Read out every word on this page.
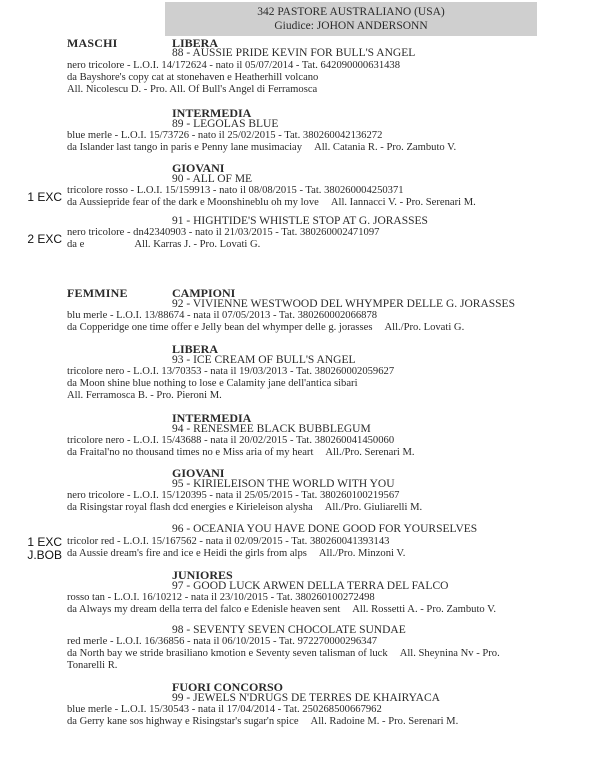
342 PASTORE AUSTRALIANO (USA)
Giudice: JOHON ANDERSONN
MASCHI	LIBERA
88 - AUSSIE PRIDE KEVIN FOR BULL'S ANGEL
nero tricolore - L.O.I. 14/172624 - nato il 05/07/2014 - Tat. 642090000631438
da Bayshore's copy cat at stonehaven e Heatherhill volcano
All. Nicolescu D. - Pro. All. Of Bull's Angel di Ferramosca
INTERMEDIA
89 - LEGOLAS BLUE
blue merle - L.O.I. 15/73726 - nato il 25/02/2015 - Tat. 380260042136272
da Islander last tango in paris e Penny lane musimaciay All. Catania R. - Pro. Zambuto V.
GIOVANI
90 - ALL OF ME
tricolore rosso - L.O.I. 15/159913 - nato il 08/08/2015 - Tat. 380260004250371
da Aussiepride fear of the dark e Moonshineblu oh my love All. Iannacci V. - Pro. Serenari M.
1 EXC
91 - HIGHTIDE'S WHISTLE STOP AT G. JORASSES
nero tricolore - dn42340903 - nato il 21/03/2015 - Tat. 380260002471097
da e	All. Karras J. - Pro. Lovati G.
2 EXC
FEMMINE	CAMPIONI
92 - VIVIENNE WESTWOOD DEL WHYMPER DELLE G. JORASSES
blu merle - L.O.I. 13/88674 - nata il 07/05/2013 - Tat. 380260002066878
da Copperidge one time offer e Jelly bean del whymper delle g. jorasses All./Pro. Lovati G.
LIBERA
93 - ICE CREAM OF BULL'S ANGEL
tricolore nero - L.O.I. 13/70353 - nata il 19/03/2013 - Tat. 380260002059627
da Moon shine blue nothing to lose e Calamity jane dell'antica sibari
All. Ferramosca B. - Pro. Pieroni M.
INTERMEDIA
94 - RENESMEE BLACK BUBBLEGUM
tricolore nero - L.O.I. 15/43688 - nata il 20/02/2015 - Tat. 380260041450060
da Fraital'no no thousand times no e Miss aria of my heart All./Pro. Serenari M.
GIOVANI
95 - KIRIELEISON THE WORLD WITH YOU
nero tricolore - L.O.I. 15/120395 - nata il 25/05/2015 - Tat. 380260100219567
da Risingstar royal flash dcd energies e Kirieleison alysha All./Pro. Giuliarelli M.
96 - OCEANIA YOU HAVE DONE GOOD FOR YOURSELVES
tricolor red - L.O.I. 15/167562 - nata il 02/09/2015 - Tat. 380260041393143
da Aussie dream's fire and ice e Heidi the girls from alps All./Pro. Minzoni V.
1 EXC
J.BOB
JUNIORES
97 - GOOD LUCK ARWEN DELLA TERRA DEL FALCO
rosso tan - L.O.I. 16/10212 - nata il 23/10/2015 - Tat. 380260100272498
da Always my dream della terra del falco e Edenisle heaven sent All. Rossetti A. - Pro. Zambuto V.
98 - SEVENTY SEVEN CHOCOLATE SUNDAE
red merle - L.O.I. 16/36856 - nata il 06/10/2015 - Tat. 972270000296347
da North bay we stride brasiliano kmotion e Seventy seven talisman of luck All. Sheynina Nv - Pro.
Tonarelli R.
FUORI CONCORSO
99 - JEWELS N'DRUGS DE TERRES DE KHAIRYACA
blue merle - L.O.I. 15/30543 - nata il 17/04/2014 - Tat. 250268500667962
da Gerry kane sos highway e Risingstar's sugar'n spice All. Radoine M. - Pro. Serenari M.
